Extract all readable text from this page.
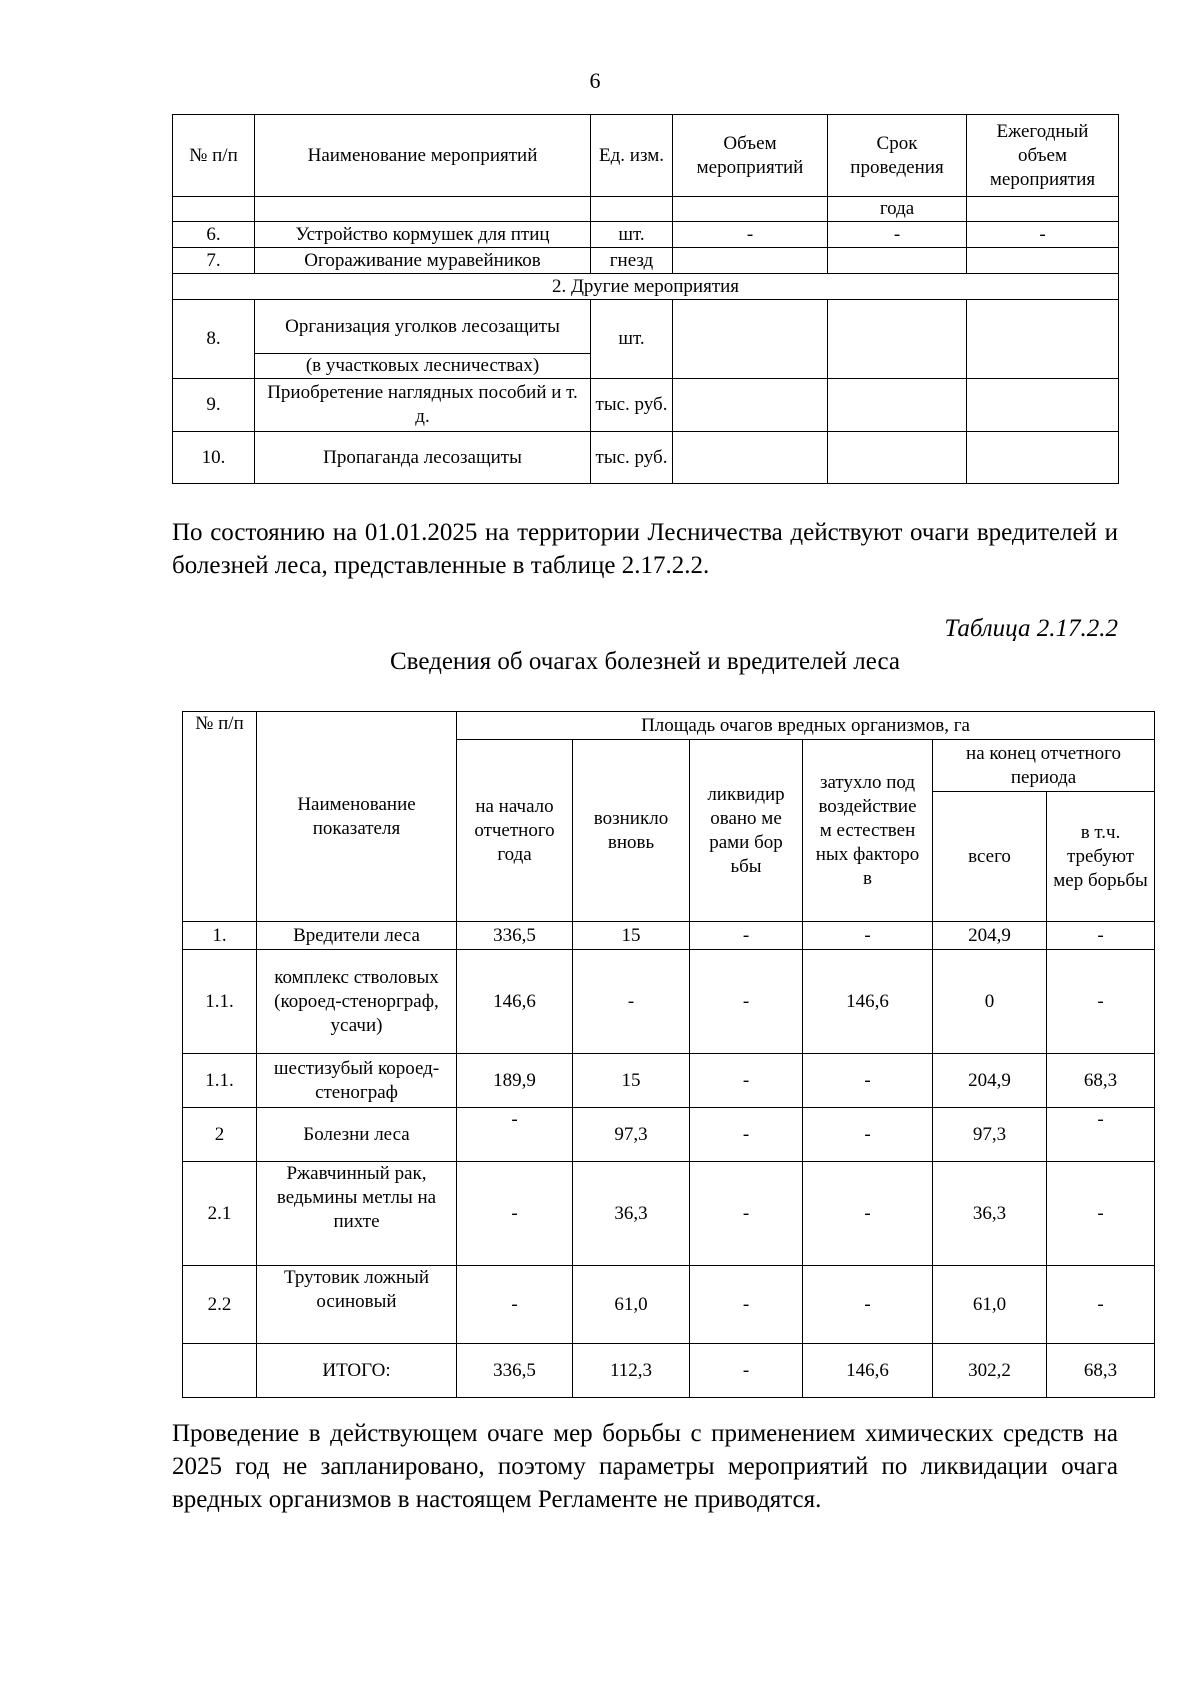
6
№ п/п	Наименование мероприятий	Ед. изм.	Объем мероприятий	Срок проведения	Ежегодный объем мероприятия
				года	
6.	Устройство кормушек для птиц	шт.	-	-	-
7.	Огораживание муравейников	гнезд			
2. Другие мероприятия					
8.	Организация уголков лесозащиты	шт.			
	(в участковых лесничествах)				
9.	Приобретение наглядных пособий и т. д.	тыс. руб.			
10.	Пропаганда лесозащиты	тыс. руб.			

По состоянию на 01.01.2025 на территории Лесничества действуют очаги вредителей и болезней леса, представленные в таблице 2.17.2.2.

Таблица 2.17.2.2
Сведения об очагах болезней и вредителей леса
№ п/п	Наименование показателя	Площадь очагов вредных организмов, га					
		на начало отчетного года	возникло вновь	ликвидировано мерами борьбы	затухло под воздействием естественных факторов	на конец отчетного периода	
						всего	в т.ч. требуют мер борьбы
1.	Вредители леса	336,5	15	-	-	204,9	-
1.1.	комплекс стволовых (короед-стенорграф, усачи)	146,6	-	-	146,6	0	-
1.1.	шестизубый короед-стенограф	189,9	15	-	-	204,9	68,3
2	Болезни леса	-	97,3	-	-	97,3	-
2.1	Ржавчинный рак, ведьмины метлы на пихте	-	36,3	-	-	36,3	-
2.2	Трутовик ложный осиновый	-	61,0	-	-	61,0	-
	ИТОГО:	336,5	112,3	-	146,6	302,2	68,3

Проведение в действующем очаге мер борьбы с применением химических средств на 2025 год не запланировано, поэтому параметры мероприятий по ликвидации очага вредных организмов в настоящем Регламенте не приводятся.
